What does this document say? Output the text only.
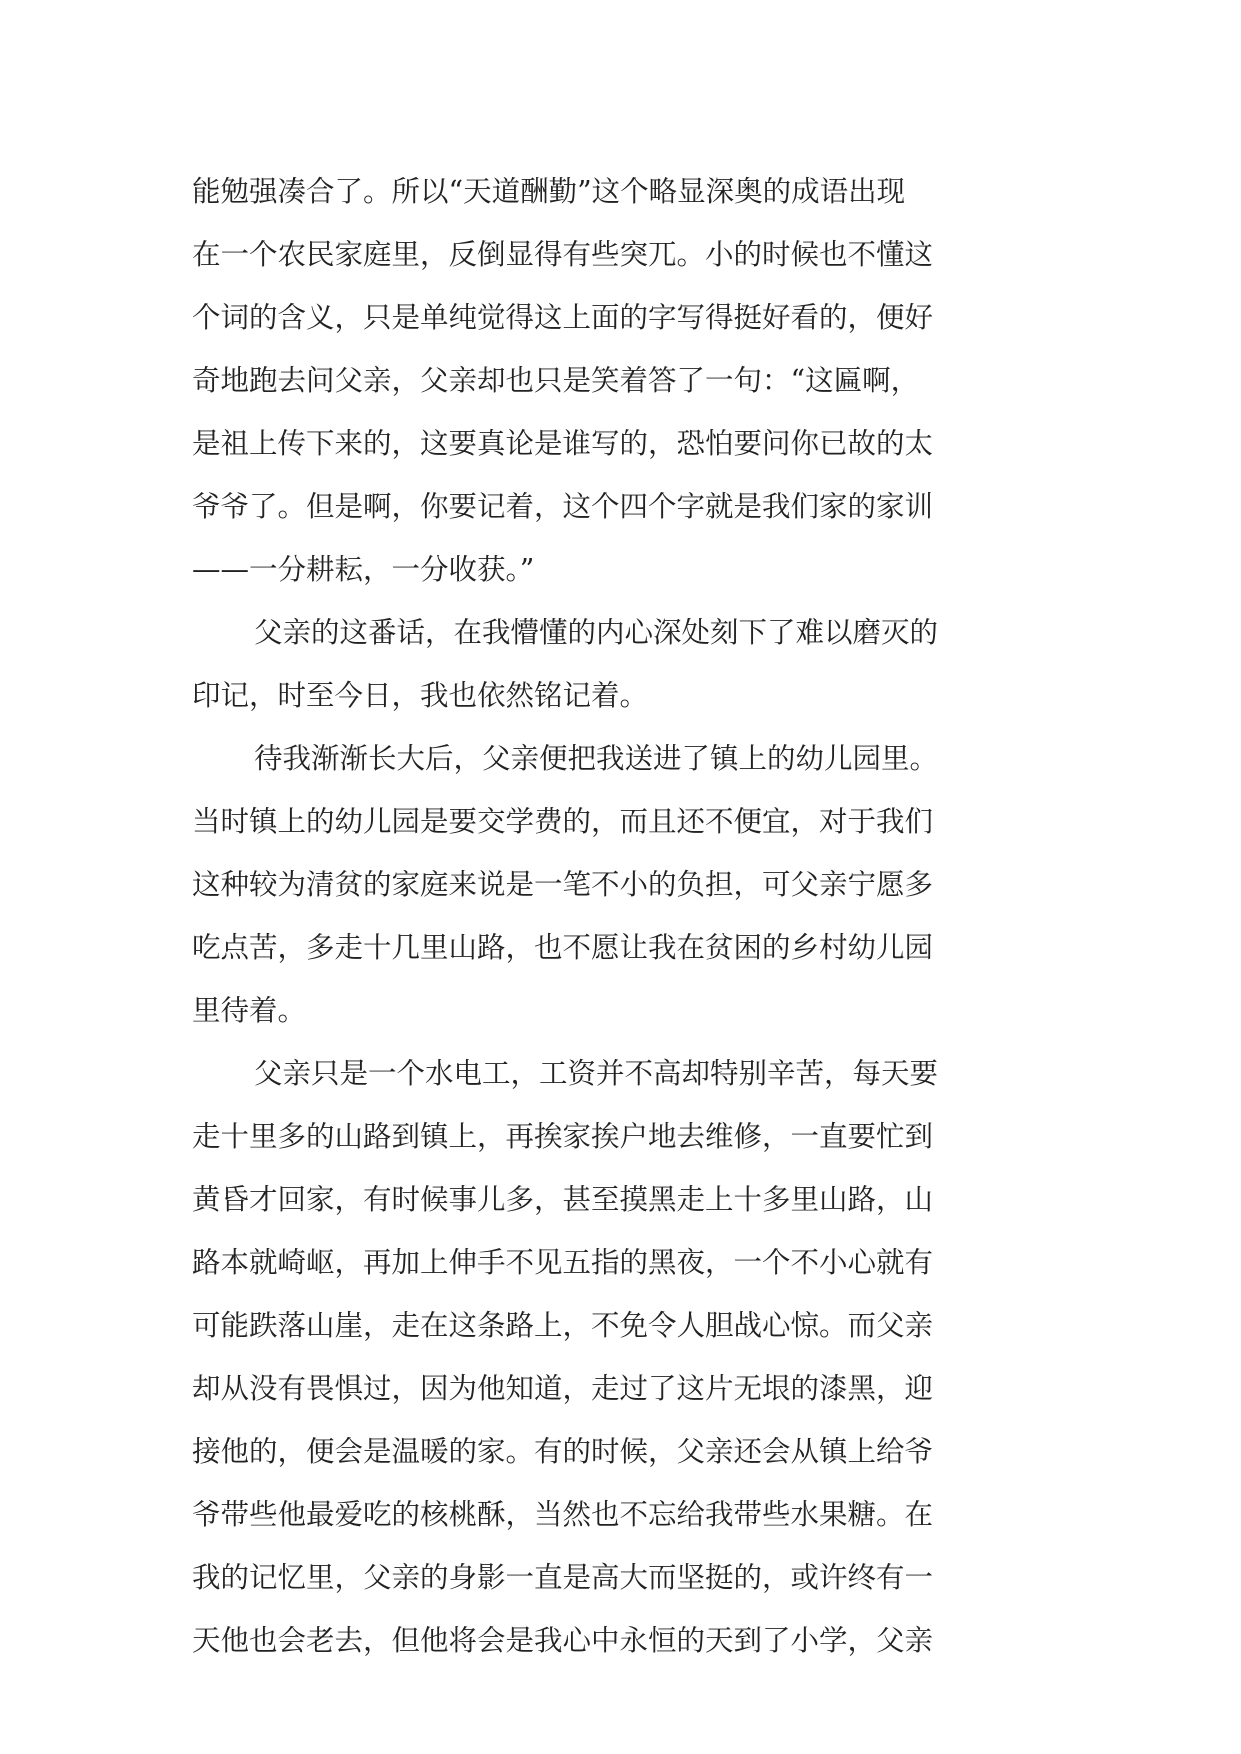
能勉强凑合了。所以“天道酬勤”这个略显深奥的成语出现
在一个农民家庭里，反倒显得有些突兀。小的时候也不懂这
个词的含义，只是单纯觉得这上面的字写得挺好看的，便好
奇地跑去问父亲，父亲却也只是笑着答了一句：“这匾啊，
是祖上传下来的，这要真论是谁写的，恐怕要问你已故的太
爷爷了。但是啊，你要记着，这个四个字就是我们家的家训
——一分耕耘，一分收获。”
父亲的这番话，在我懵懂的内心深处刻下了难以磨灭的
印记，时至今日，我也依然铭记着。
待我渐渐长大后，父亲便把我送进了镇上的幼儿园里。
当时镇上的幼儿园是要交学费的，而且还不便宜，对于我们
这种较为清贫的家庭来说是一笔不小的负担，可父亲宁愿多
吃点苦，多走十几里山路，也不愿让我在贫困的乡村幼儿园
里待着。
父亲只是一个水电工，工资并不高却特别辛苦，每天要
走十里多的山路到镇上，再挨家挨户地去维修，一直要忙到
黄昏才回家，有时候事儿多，甚至摸黑走上十多里山路，山
路本就崎岖，再加上伸手不见五指的黑夜，一个不小心就有
可能跌落山崖，走在这条路上，不免令人胆战心惊。而父亲
却从没有畏惧过，因为他知道，走过了这片无垠的漆黑，迎
接他的，便会是温暖的家。有的时候，父亲还会从镇上给爷
爷带些他最爱吃的核桃酥，当然也不忘给我带些水果糖。在
我的记忆里，父亲的身影一直是高大而坚挺的，或许终有一
天他也会老去，但他将会是我心中永恒的天到了小学，父亲
